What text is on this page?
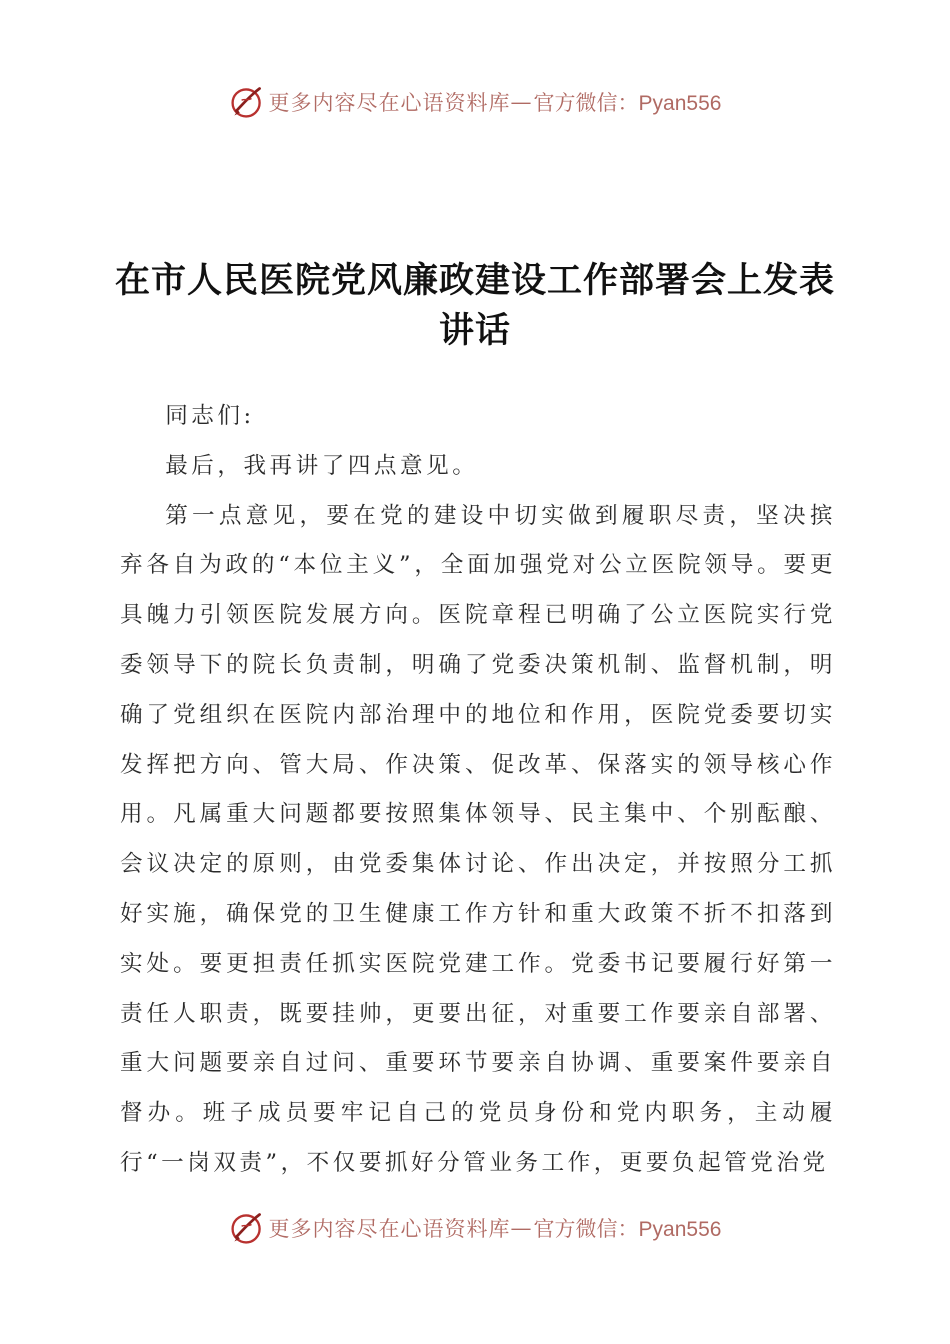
更多内容尽在心语资料库 — 官方微信：Pyan556
在市人民医院党风廉政建设工作部署会上发表
讲话

同志们:

最后，我再讲了四点意见。

第一点意见，要在党的建设中切实做到履职尽责，坚决摈弃各自为政的“本位主义”，全面加强党对公立医院领导。要更具魄力引领医院发展方向。医院章程已明确了公立医院实行党委领导下的院长负责制，明确了党委决策机制、监督机制，明确了党组织在医院内部治理中的地位和作用，医院党委要切实发挥把方向、管大局、作决策、促改革、保落实的领导核心作用。凡属重大问题都要按照集体领导、民主集中、个别酝酿、会议决定的原则，由党委集体讨论、作出决定，并按照分工抓好实施，确保党的卫生健康工作方针和重大政策不折不扣落到实处。要更担责任抓实医院党建工作。党委书记要履行好第一责任人职责，既要挂帅，更要出征，对重要工作要亲自部署、重大问题要亲自过问、重要环节要亲自协调、重要案件要亲自督办。班子成员要牢记自己的党员身份和党内职务，主动履行“一岗双责”，不仅要抓好分管业务工作，更要负起管党治党

更多内容尽在心语资料库 — 官方微信：Pyan556
